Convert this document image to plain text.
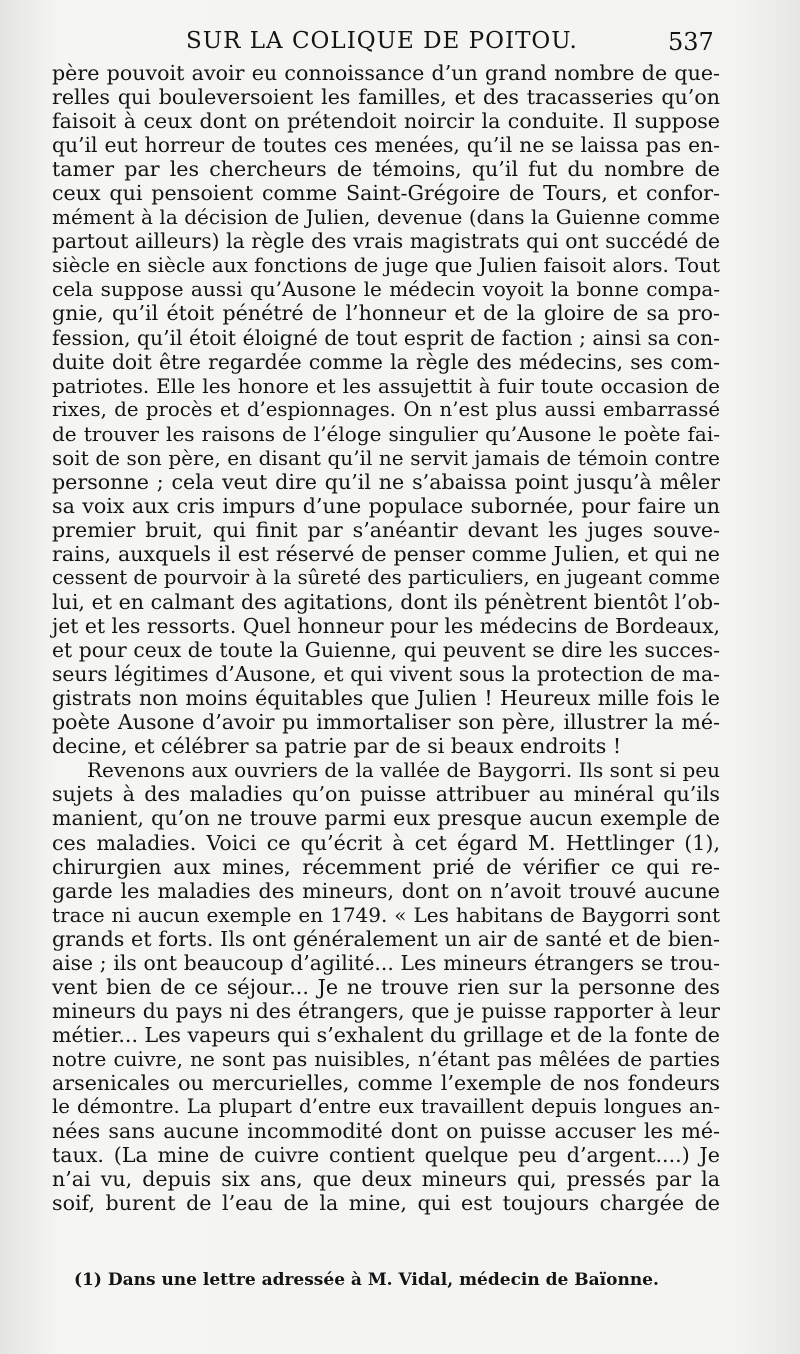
SUR LA COLIQUE DE POITOU.	537
père pouvoit avoir eu connoissance d’un grand nombre de que-
relles qui bouleversoient les familles, et des tracasseries qu’on
faisoit à ceux dont on prétendoit noircir la conduite. Il suppose
qu’il eut horreur de toutes ces menées, qu’il ne se laissa pas en-
tamer par les chercheurs de témoins, qu’il fut du nombre de
ceux qui pensoient comme Saint-Grégoire de Tours, et confor-
mément à la décision de Julien, devenue (dans la Guienne comme
partout ailleurs) la règle des vrais magistrats qui ont succédé de
siècle en siècle aux fonctions de juge que Julien faisoit alors. Tout
cela suppose aussi qu’Ausone le médecin voyoit la bonne compa-
gnie, qu’il étoit pénétré de l’honneur et de la gloire de sa pro-
fession, qu’il étoit éloigné de tout esprit de faction ; ainsi sa con-
duite doit être regardée comme la règle des médecins, ses com-
patriotes. Elle les honore et les assujettit à fuir toute occasion de
rixes, de procès et d’espionnages. On n’est plus aussi embarrassé
de trouver les raisons de l’éloge singulier qu’Ausone le poète fai-
soit de son père, en disant qu’il ne servit jamais de témoin contre
personne ; cela veut dire qu’il ne s’abaissa point jusqu’à mêler
sa voix aux cris impurs d’une populace subornée, pour faire un
premier bruit, qui finit par s’anéantir devant les juges souve-
rains, auxquels il est réservé de penser comme Julien, et qui ne
cessent de pourvoir à la sûreté des particuliers, en jugeant comme
lui, et en calmant des agitations, dont ils pénètrent bientôt l’ob-
jet et les ressorts. Quel honneur pour les médecins de Bordeaux,
et pour ceux de toute la Guienne, qui peuvent se dire les succes-
seurs légitimes d’Ausone, et qui vivent sous la protection de ma-
gistrats non moins équitables que Julien ! Heureux mille fois le
poète Ausone d’avoir pu immortaliser son père, illustrer la mé-
decine, et célébrer sa patrie par de si beaux endroits !
Revenons aux ouvriers de la vallée de Baygorri. Ils sont si peu
sujets à des maladies qu’on puisse attribuer au minéral qu’ils
manient, qu’on ne trouve parmi eux presque aucun exemple de
ces maladies. Voici ce qu’écrit à cet égard M. Hettlinger (1),
chirurgien aux mines, récemment prié de vérifier ce qui re-
garde les maladies des mineurs, dont on n’avoit trouvé aucune
trace ni aucun exemple en 1749. « Les habitans de Baygorri sont
grands et forts. Ils ont généralement un air de santé et de bien-
aise ; ils ont beaucoup d’agilité... Les mineurs étrangers se trou-
vent bien de ce séjour... Je ne trouve rien sur la personne des
mineurs du pays ni des étrangers, que je puisse rapporter à leur
métier... Les vapeurs qui s’exhalent du grillage et de la fonte de
notre cuivre, ne sont pas nuisibles, n’étant pas mêlées de parties
arsenicales ou mercurielles, comme l’exemple de nos fondeurs
le démontre. La plupart d’entre eux travaillent depuis longues an-
nées sans aucune incommodité dont on puisse accuser les mé-
taux. (La mine de cuivre contient quelque peu d’argent....) Je
n’ai vu, depuis six ans, que deux mineurs qui, pressés par la
soif, burent de l’eau de la mine, qui est toujours chargée de
(1) Dans une lettre adressée à M. Vidal, médecin de Baïonne.
